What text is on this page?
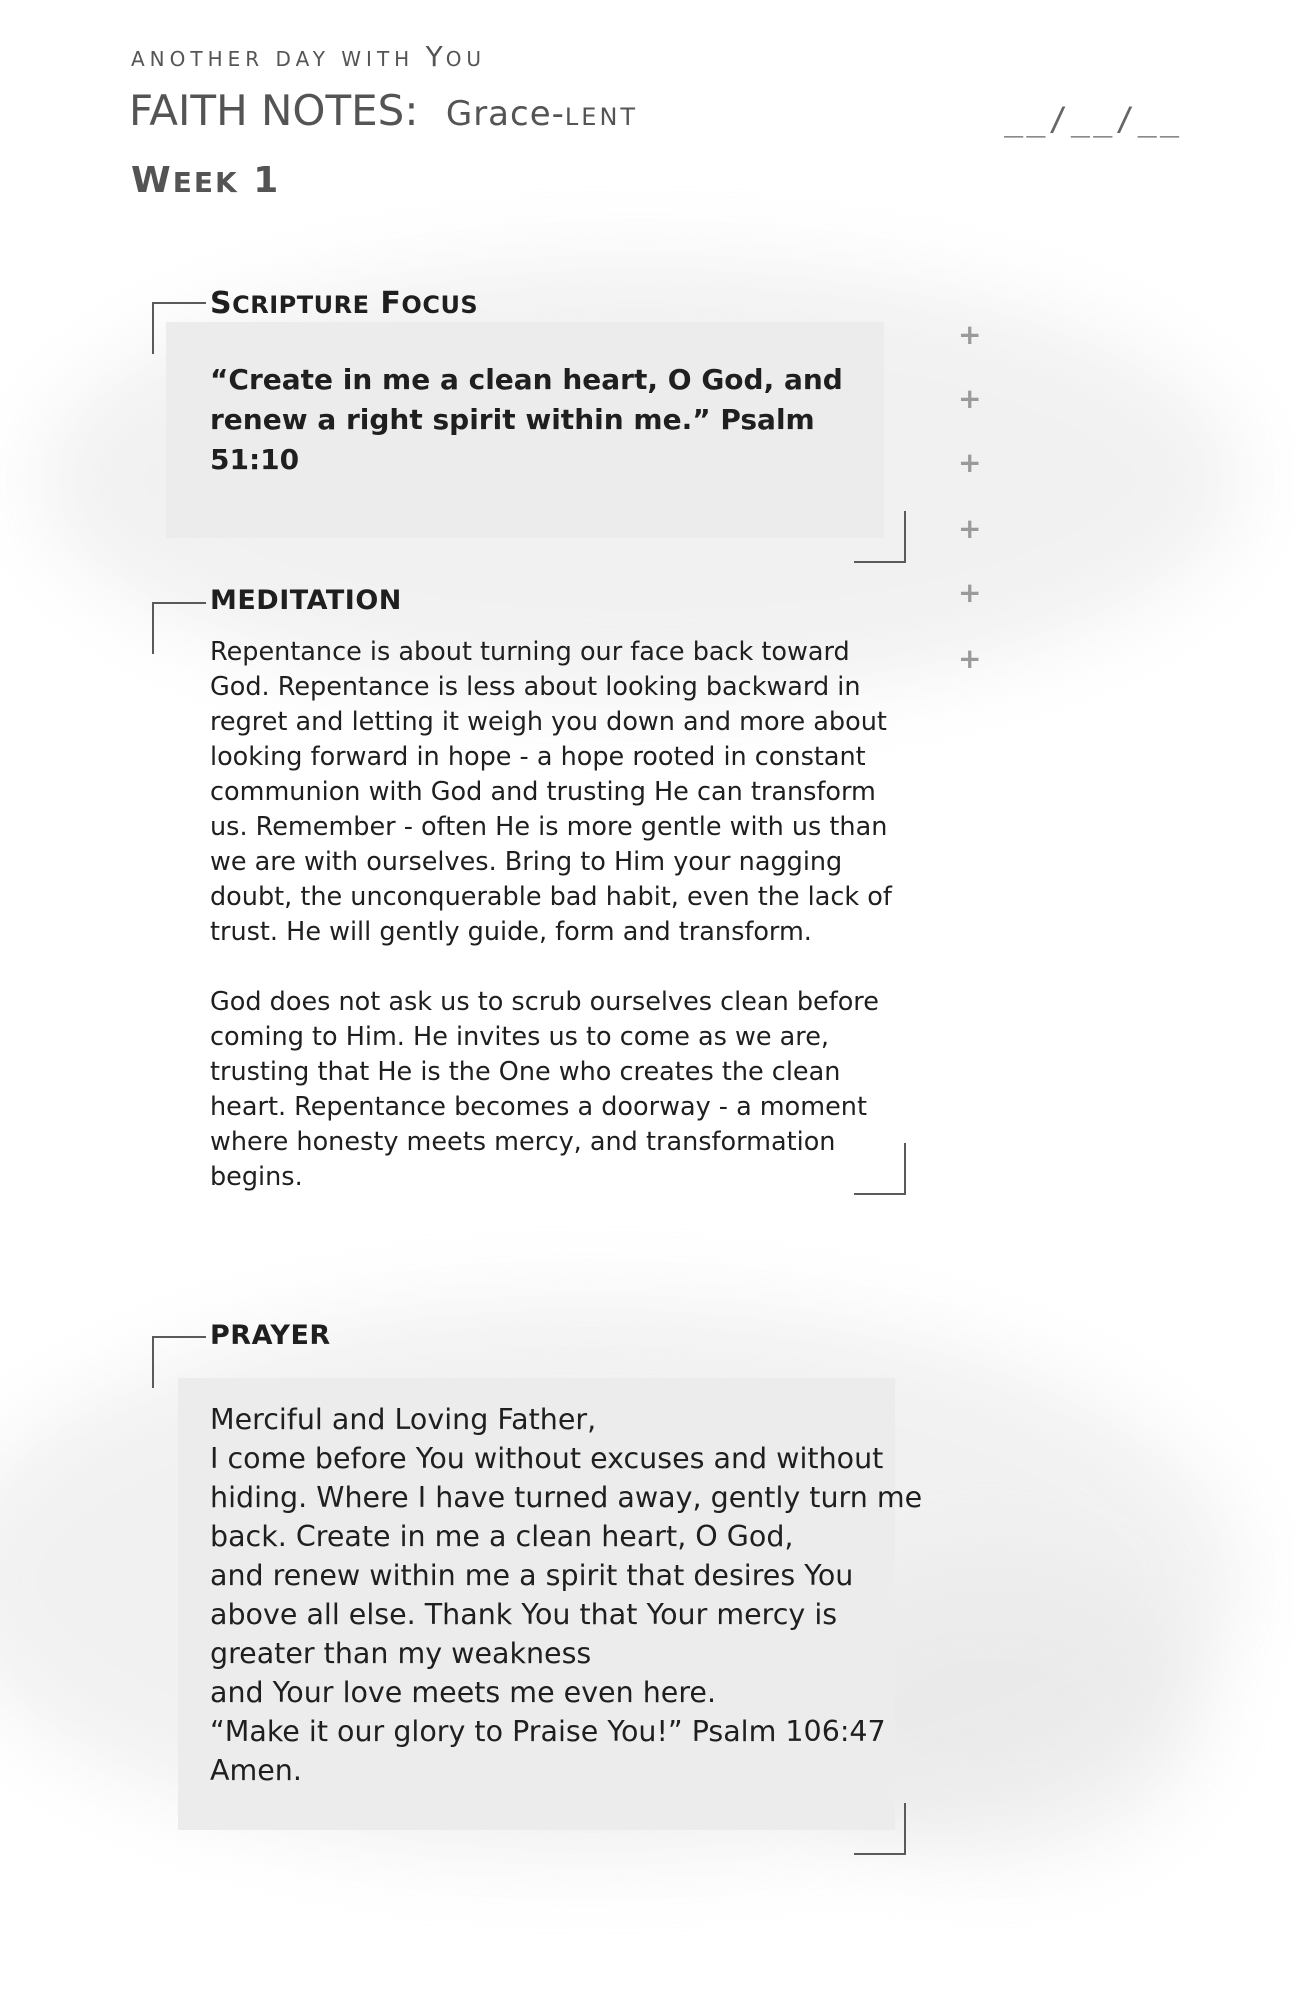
ANOTHER DAY WITH YOU
FAITH NOTES: Grace-LENT	__/__/__
WEEK 1
+
+
+
+
+
+
SCRIPTURE FOCUS
“Create in me a clean heart, O God, and renew a right spirit within me.” Psalm 51:10
MEDITATION

Repentance is about turning our face back toward God. Repentance is less about looking backward in regret and letting it weigh you down and more about looking forward in hope - a hope rooted in constant communion with God and trusting He can transform us. Remember - often He is more gentle with us than we are with ourselves. Bring to Him your nagging doubt, the unconquerable bad habit, even the lack of trust. He will gently guide, form and transform.

God does not ask us to scrub ourselves clean before coming to Him. He invites us to come as we are, trusting that He is the One who creates the clean heart. Repentance becomes a doorway - a moment where honesty meets mercy, and transformation begins.

PRAYER
Merciful and Loving Father,
I come before You without excuses and without
hiding. Where I have turned away, gently turn me
back. Create in me a clean heart, O God,
and renew within me a spirit that desires You
above all else. Thank You that Your mercy is
greater than my weakness
and Your love meets me even here.
“Make it our glory to Praise You!” Psalm 106:47
Amen.
